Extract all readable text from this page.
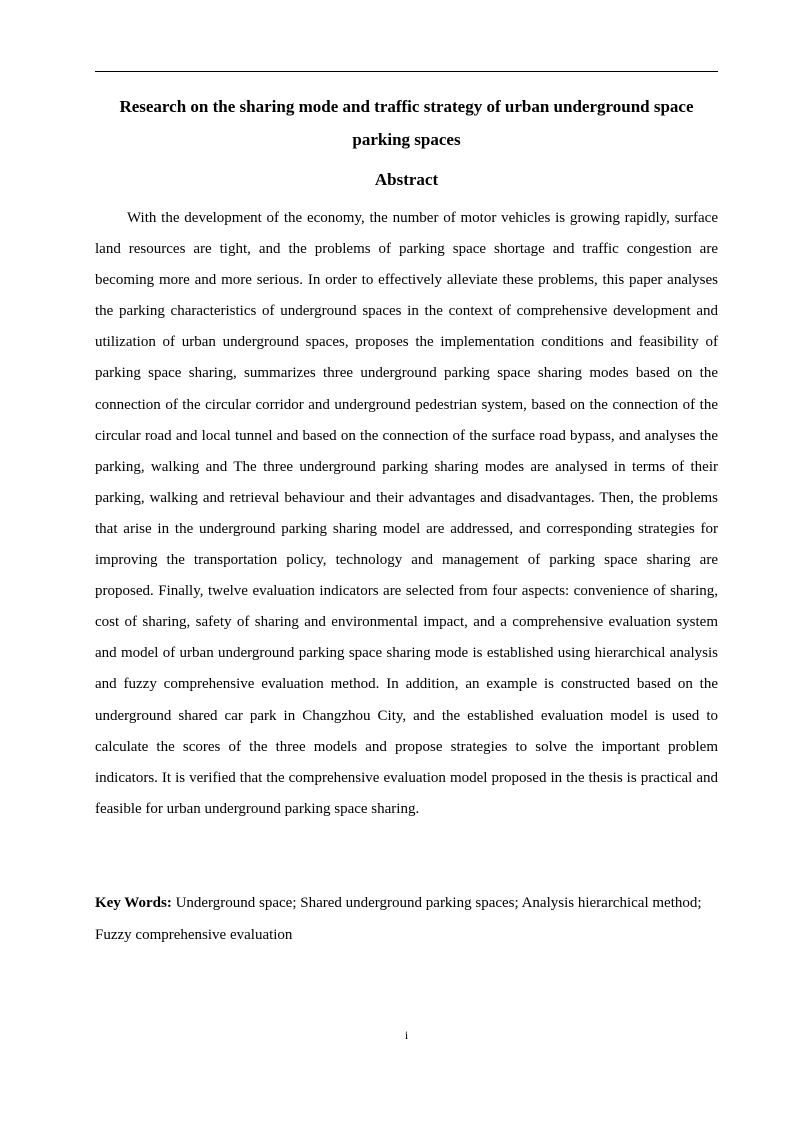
Research on the sharing mode and traffic strategy of urban underground space parking spaces
Abstract

With the development of the economy, the number of motor vehicles is growing rapidly, surface land resources are tight, and the problems of parking space shortage and traffic congestion are becoming more and more serious. In order to effectively alleviate these problems, this paper analyses the parking characteristics of underground spaces in the context of comprehensive development and utilization of urban underground spaces, proposes the implementation conditions and feasibility of parking space sharing, summarizes three underground parking space sharing modes based on the connection of the circular corridor and underground pedestrian system, based on the connection of the circular road and local tunnel and based on the connection of the surface road bypass, and analyses the parking, walking and The three underground parking sharing modes are analysed in terms of their parking, walking and retrieval behaviour and their advantages and disadvantages. Then, the problems that arise in the underground parking sharing model are addressed, and corresponding strategies for improving the transportation policy, technology and management of parking space sharing are proposed. Finally, twelve evaluation indicators are selected from four aspects: convenience of sharing, cost of sharing, safety of sharing and environmental impact, and a comprehensive evaluation system and model of urban underground parking space sharing mode is established using hierarchical analysis and fuzzy comprehensive evaluation method. In addition, an example is constructed based on the underground shared car park in Changzhou City, and the established evaluation model is used to calculate the scores of the three models and propose strategies to solve the important problem indicators. It is verified that the comprehensive evaluation model proposed in the thesis is practical and feasible for urban underground parking space sharing.

Key Words: Underground space; Shared underground parking spaces; Analysis hierarchical method; Fuzzy comprehensive evaluation

i
